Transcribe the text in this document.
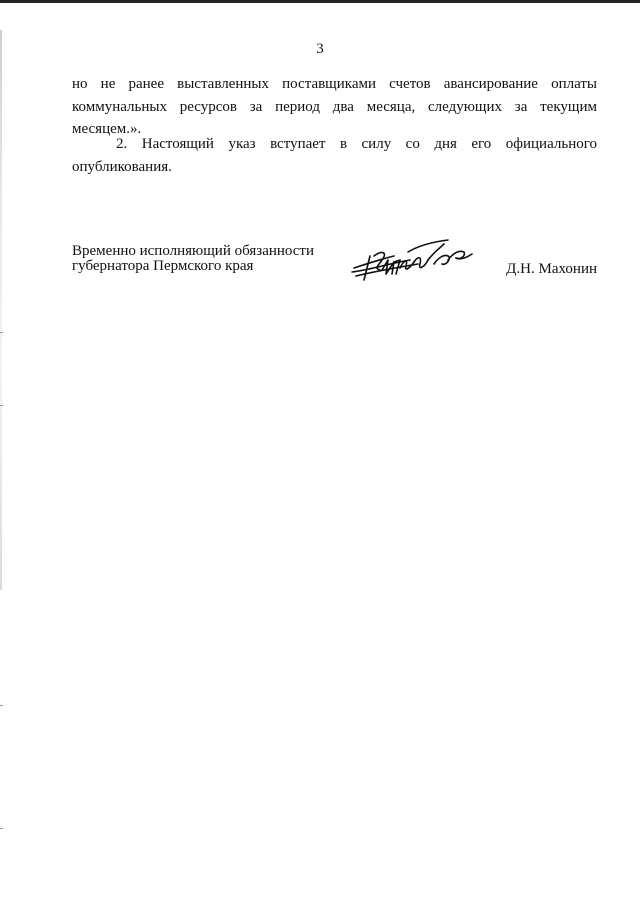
3

но не ранее выставленных поставщиками счетов авансирование оплаты коммунальных ресурсов за период два месяца, следующих за текущим месяцем.».

2. Настоящий указ вступает в силу со дня его официального опубликования.

Временно исполняющий обязанности
губернатора Пермского края	Д.Н. Махонин
